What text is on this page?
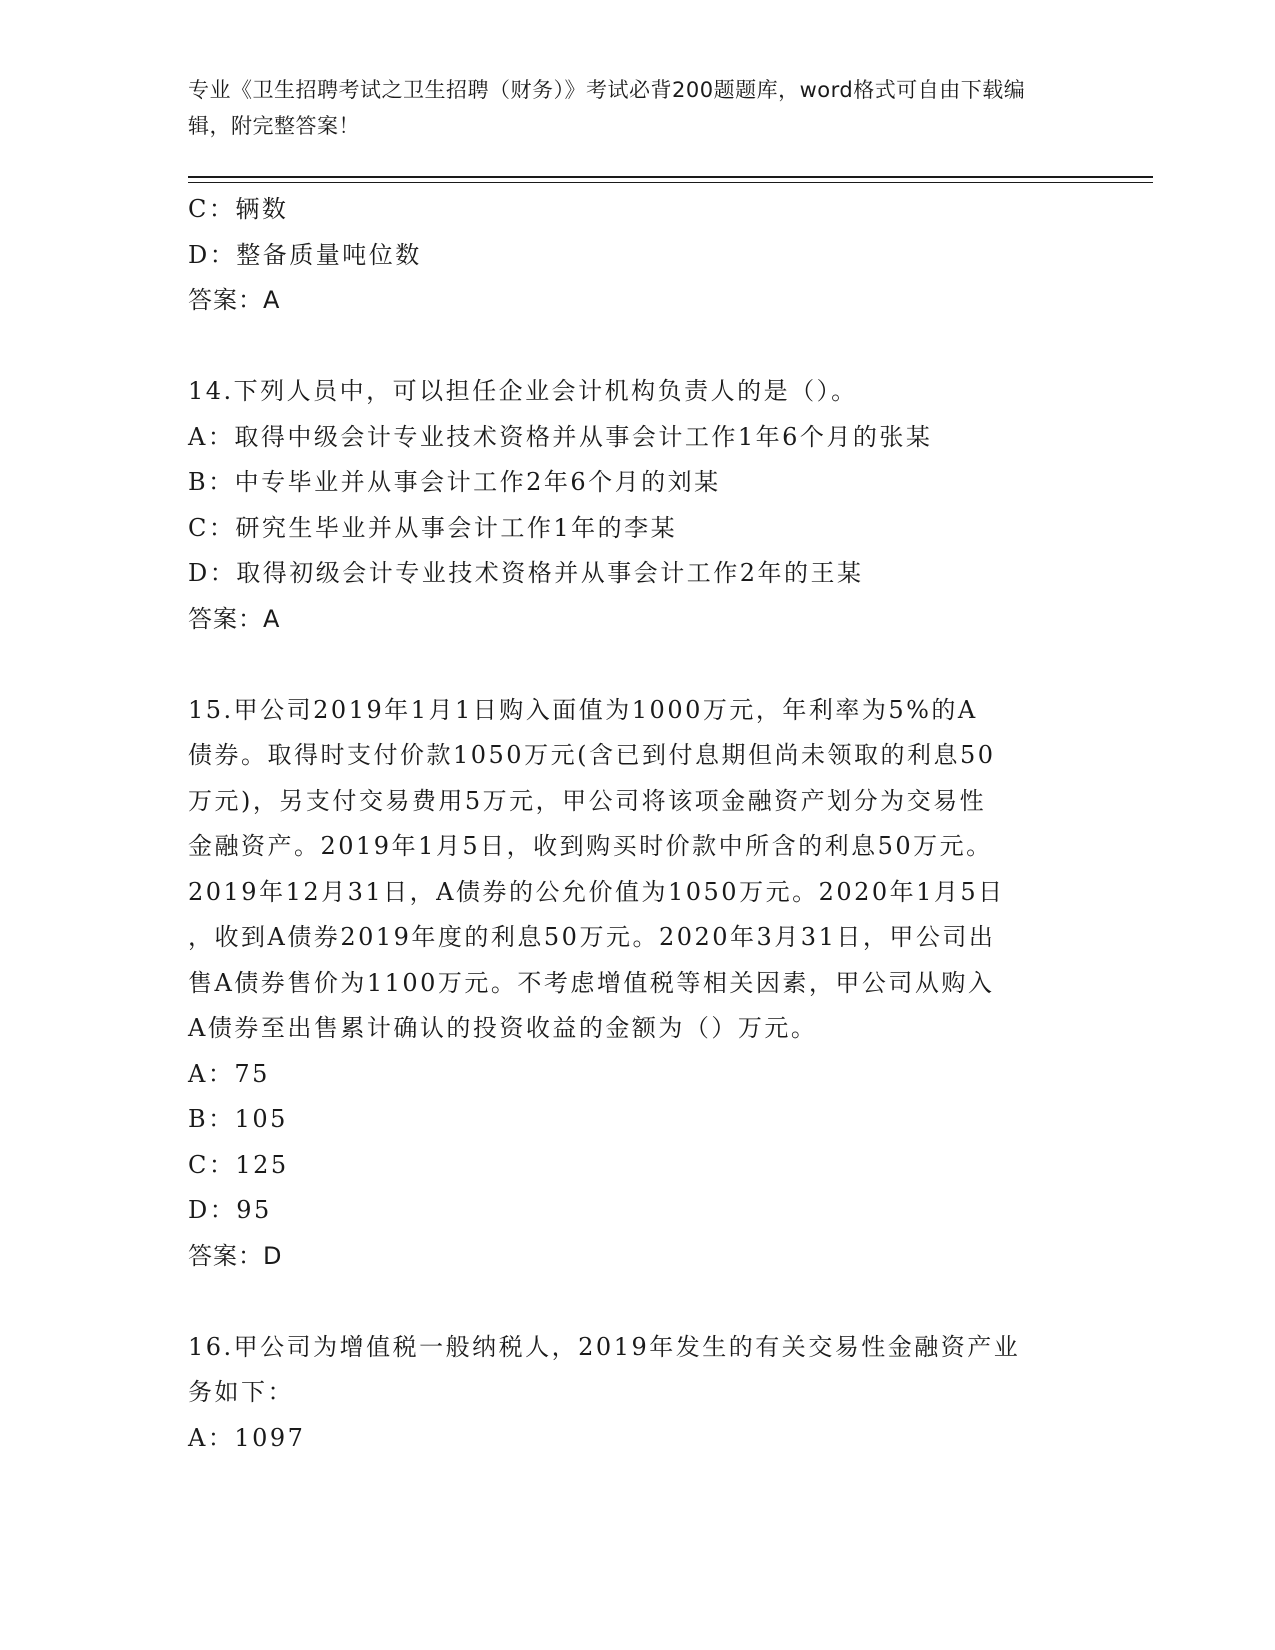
专业《卫生招聘考试之卫生招聘（财务）》考试必背200题题库，word格式可自由下载编辑，附完整答案！
C：辆数
D：整备质量吨位数
答案：A
14.下列人员中，可以担任企业会计机构负责人的是（）。
A：取得中级会计专业技术资格并从事会计工作1年6个月的张某
B：中专毕业并从事会计工作2年6个月的刘某
C：研究生毕业并从事会计工作1年的李某
D：取得初级会计专业技术资格并从事会计工作2年的王某
答案：A
15.甲公司2019年1月1日购入面值为1000万元，年利率为5%的A
债券。取得时支付价款1050万元(含已到付息期但尚未领取的利息50
万元)，另支付交易费用5万元，甲公司将该项金融资产划分为交易性
金融资产。2019年1月5日，收到购买时价款中所含的利息50万元。
2019年12月31日，A债券的公允价值为1050万元。2020年1月5日
，收到A债券2019年度的利息50万元。2020年3月31日，甲公司出
售A债券售价为1100万元。不考虑增值税等相关因素，甲公司从购入
A债券至出售累计确认的投资收益的金额为（）万元。
A：75
B：105
C：125
D：95
答案：D
16.甲公司为增值税一般纳税人，2019年发生的有关交易性金融资产业
务如下：
A：1097
